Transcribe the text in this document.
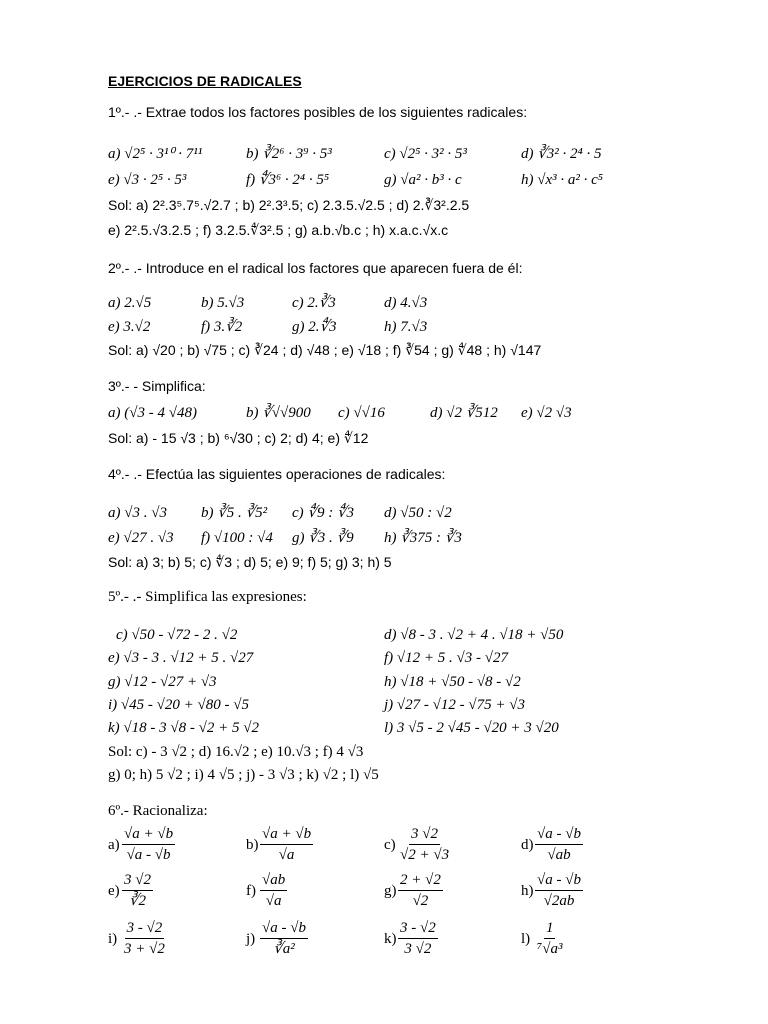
EJERCICIOS DE RADICALES
1º.- .- Extrae todos los factores posibles de los siguientes radicales:
a) √2⁵ · 3¹⁰ · 7¹¹	b) ∛2⁶ · 3⁹ · 5³	c) √2⁵ · 3² · 5³	d) ∛3² · 2⁴ · 5
e) √3 · 2⁵ · 5³	f) ∜3⁶ · 2⁴ · 5⁵	g) √a² · b³ · c	h) √x³ · a² · c⁵
Sol: a) 2².3⁵.7⁵.√2.7 ; b) 2².3³.5; c) 2.3.5.√2.5 ; d) 2.∛3².2.5
e) 2².5.√3.2.5 ; f) 3.2.5.∜3².5 ; g) a.b.√b.c ; h) x.a.c.√x.c
2º.- .- Introduce en el radical los factores que aparecen fuera de él:
a) 2.√5	b) 5.√3	c) 2.∛3	d) 4.√3
e) 3.√2	f) 3.∛2	g) 2.∜3	h) 7.√3
Sol: a) √20 ; b) √75 ; c) ∛24 ; d) √48 ; e) √18 ; f) ∛54 ; g) ∜48 ; h) √147
3º.- - Simplifica:
a) (√3 - 4 √48)	b) ∛√√900 c) √√16	d) √2 ∛512 e) √2 √3
Sol: a) - 15 √3 ; b) ⁶√30 ; c) 2; d) 4; e) ∜12
4º.- .- Efectúa las siguientes operaciones de radicales:
a) √3 . √3 b) ∛5 . ∛5² c) ∜9 : ∜3 d) √50 : √2
e) √27 . √3 f) √100 : √4 g) ∛3 . ∛9 h) ∛375 : ∛3
Sol: a) 3; b) 5; c) ∜3 ; d) 5; e) 9; f) 5; g) 3; h) 5
5º.- .- Simplifica las expresiones:
c) √50 - √72 - 2 . √2	d) √8 - 3 . √2 + 4 . √18 + √50
e) √3 - 3 . √12 + 5 . √27	f) √12 + 5 . √3 - √27
g) √12 - √27 + √3	h) √18 + √50 - √8 - √2
i) √45 - √20 + √80 - √5	j) √27 - √12 - √75 + √3
k) √18 - 3 √8 - √2 + 5 √2	l) 3 √5 - 2 √45 - √20 + 3 √20
Sol: c) - 3 √2 ; d) 16.√2 ; e) 10.√3 ; f) 4 √3
g) 0; h) 5 √2 ; i) 4 √5 ; j) - 3 √3 ; k) √2 ; l) √5
6º.- Racionaliza:
$a) \frac{√a + √b}{√a - √b}$	$b) \frac{√a + √b}{√a}$	$c) \frac{3 √2}{√2 + √3}$	$d) \frac{√a - √b}{√ab}$
$e) \frac{3 √2}{∛2}$	$f) \frac{√ab}{√a}$	$g) \frac{2 + √2}{√2}$	$h) \frac{√a - √b}{√2ab}$
$i) \frac{3 - √2}{3 + √2}$	$j) \frac{√a - √b}{\text{∛a²}}$	$k) \frac{3 - √2}{3 √2}$	$l) \frac{1}{\text{⁷√a³}}$
